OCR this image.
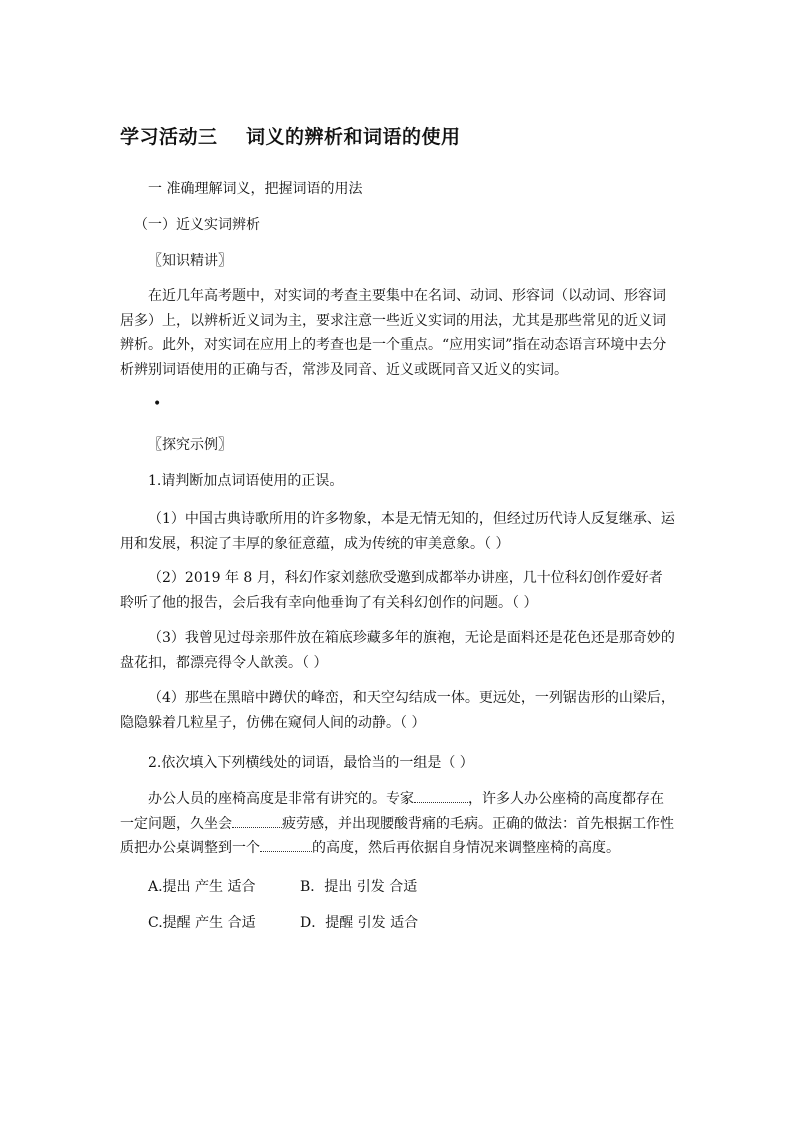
学习活动三    词义的辨析和词语的使用
一 准确理解词义，把握词语的用法
（一）近义实词辨析
〖知识精讲〗

在近几年高考题中，对实词的考查主要集中在名词、动词、形容词（以动词、形容词居多）上，以辨析近义词为主，要求注意一些近义实词的用法，尤其是那些常见的近义词辨析。此外，对实词在应用上的考查也是一个重点。“应用实词”指在动态语言环境中去分析辨别词语使用的正确与否，常涉及同音、近义或既同音又近义的实词。

•
〖探究示例〗
1.请判断加点词语使用的正误。

（1）中国古典诗歌所用的许多物象，本是无情无知的，但经过历代诗人反复继承、运用和发展，积淀了丰厚的象征意蕴，成为传统的审美意象。（ ）

（2）2019 年 8 月，科幻作家刘慈欣受邀到成都举办讲座，几十位科幻创作爱好者聆听了他的报告，会后我有幸向他垂询了有关科幻创作的问题。（ ）

（3）我曾见过母亲那件放在箱底珍藏多年的旗袍，无论是面料还是花色还是那奇妙的盘花扣，都漂亮得令人歆羡。（ ）

（4）那些在黑暗中蹲伏的峰峦，和天空勾结成一体。更远处，一列锯齿形的山梁后，隐隐躲着几粒星子，仿佛在窥伺人间的动静。（ ）

2.依次填入下列横线处的词语，最恰当的一组是（ ）

办公人员的座椅高度是非常有讲究的。专家	，许多人办公座椅的高度都存在一定问题，久坐会	疲劳感，并出现腰酸背痛的毛病。正确的做法：首先根据工作性质把办公桌调整到一个	的高度，然后再依据自身情况来调整座椅的高度。

A.提出 产生 适合	B．提出 引发 合适
C.提醒 产生 合适	D．提醒 引发 适合
